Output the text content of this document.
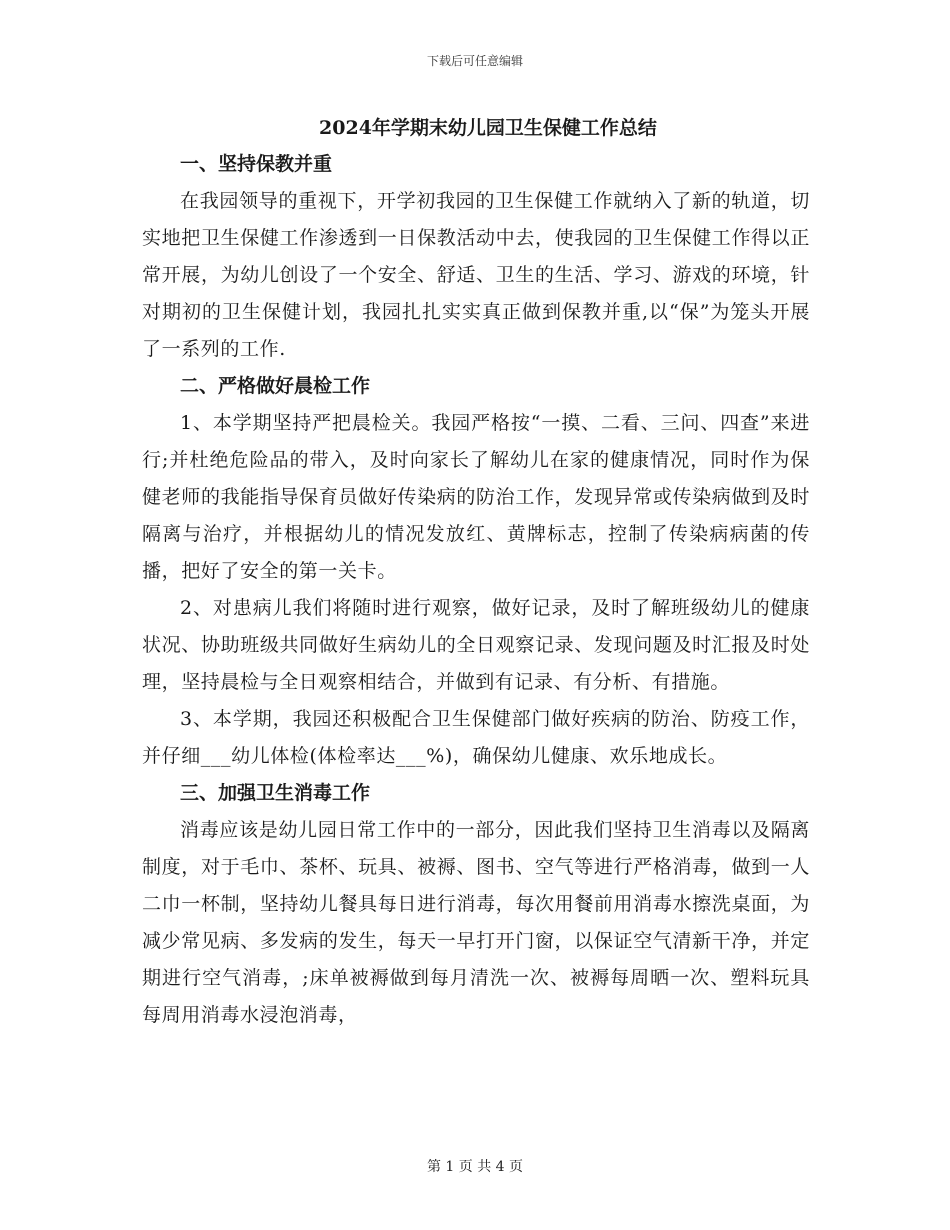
下载后可任意编辑
2024年学期末幼儿园卫生保健工作总结
一、坚持保教并重

在我园领导的重视下，开学初我园的卫生保健工作就纳入了新的轨道，切实地把卫生保健工作渗透到一日保教活动中去，使我园的卫生保健工作得以正常开展，为幼儿创设了一个安全、舒适、卫生的生活、学习、游戏的环境，针对期初的卫生保健计划，我园扎扎实实真正做到保教并重,以“保”为笼头开展了一系列的工作.

二、严格做好晨检工作

1、本学期坚持严把晨检关。我园严格按“一摸、二看、三问、四查”来进行;并杜绝危险品的带入，及时向家长了解幼儿在家的健康情况，同时作为保健老师的我能指导保育员做好传染病的防治工作，发现异常或传染病做到及时隔离与治疗，并根据幼儿的情况发放红、黄牌标志，控制了传染病病菌的传播，把好了安全的第一关卡。

2、对患病儿我们将随时进行观察，做好记录，及时了解班级幼儿的健康状况、协助班级共同做好生病幼儿的全日观察记录、发现问题及时汇报及时处理，坚持晨检与全日观察相结合，并做到有记录、有分析、有措施。

3、本学期，我园还积极配合卫生保健部门做好疾病的防治、防疫工作，并仔细___幼儿体检(体检率达___%)，确保幼儿健康、欢乐地成长。

三、加强卫生消毒工作

消毒应该是幼儿园日常工作中的一部分，因此我们坚持卫生消毒以及隔离制度，对于毛巾、茶杯、玩具、被褥、图书、空气等进行严格消毒，做到一人二巾一杯制，坚持幼儿餐具每日进行消毒，每次用餐前用消毒水擦洗桌面，为减少常见病、多发病的发生，每天一早打开门窗，以保证空气清新干净，并定期进行空气消毒，;床单被褥做到每月清洗一次、被褥每周晒一次、塑料玩具每周用消毒水浸泡消毒，

第 1 页 共 4 页
